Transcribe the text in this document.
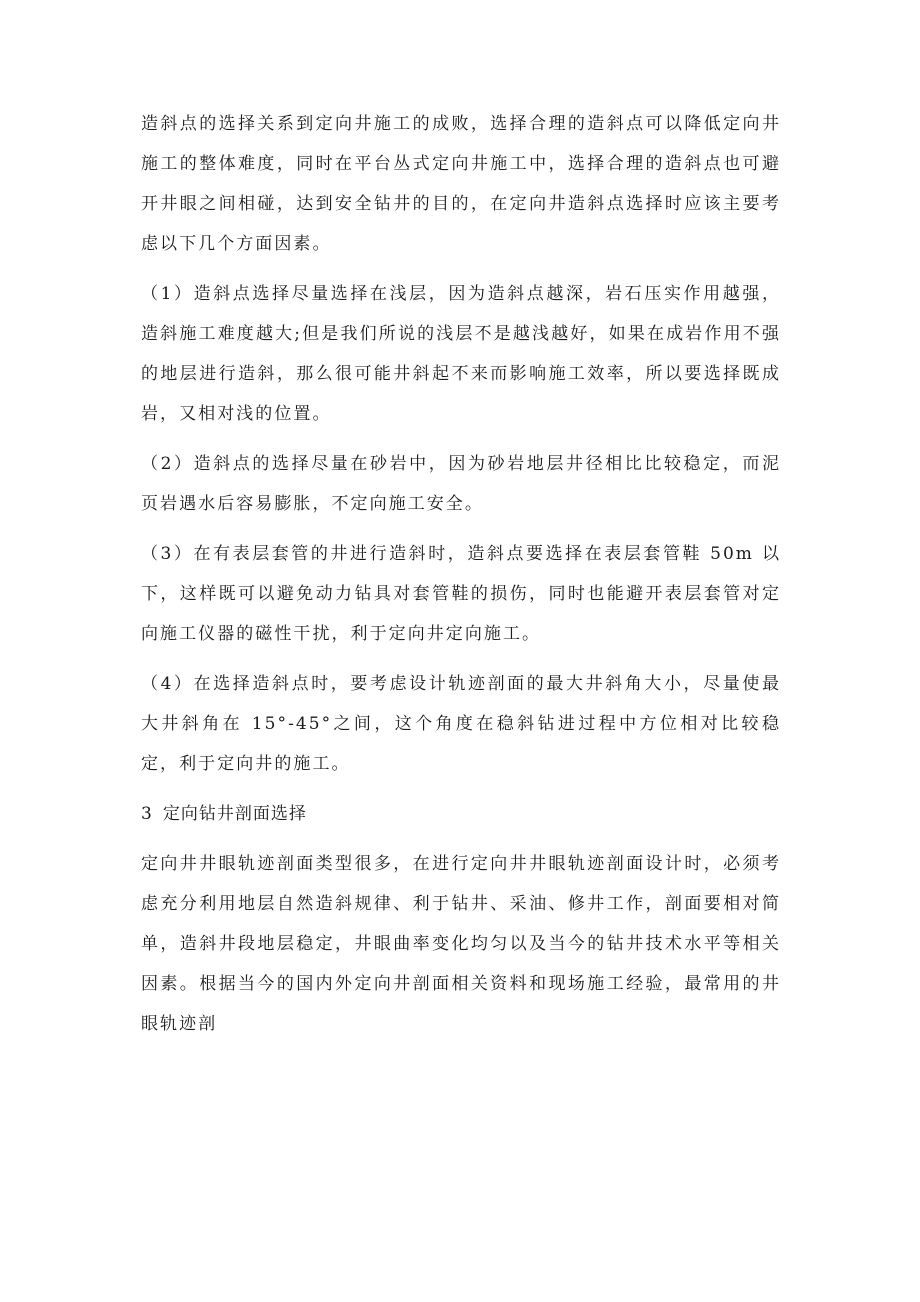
造斜点的选择关系到定向井施工的成败，选择合理的造斜点可以降低定向井施工的整体难度，同时在平台丛式定向井施工中，选择合理的造斜点也可避开井眼之间相碰，达到安全钻井的目的，在定向井造斜点选择时应该主要考虑以下几个方面因素。

（1）造斜点选择尽量选择在浅层，因为造斜点越深，岩石压实作用越强，造斜施工难度越大;但是我们所说的浅层不是越浅越好，如果在成岩作用不强的地层进行造斜，那么很可能井斜起不来而影响施工效率，所以要选择既成岩，又相对浅的位置。

（2）造斜点的选择尽量在砂岩中，因为砂岩地层井径相比比较稳定，而泥页岩遇水后容易膨胀，不定向施工安全。

（3）在有表层套管的井进行造斜时，造斜点要选择在表层套管鞋 50m 以下，这样既可以避免动力钻具对套管鞋的损伤，同时也能避开表层套管对定向施工仪器的磁性干扰，利于定向井定向施工。

（4）在选择造斜点时，要考虑设计轨迹剖面的最大井斜角大小，尽量使最大井斜角在 15°-45°之间，这个角度在稳斜钻进过程中方位相对比较稳定，利于定向井的施工。

3 定向钻井剖面选择

定向井井眼轨迹剖面类型很多，在进行定向井井眼轨迹剖面设计时，必须考虑充分利用地层自然造斜规律、利于钻井、采油、修井工作，剖面要相对简单，造斜井段地层稳定，井眼曲率变化均匀以及当今的钻井技术水平等相关因素。根据当今的国内外定向井剖面相关资料和现场施工经验，最常用的井眼轨迹剖
